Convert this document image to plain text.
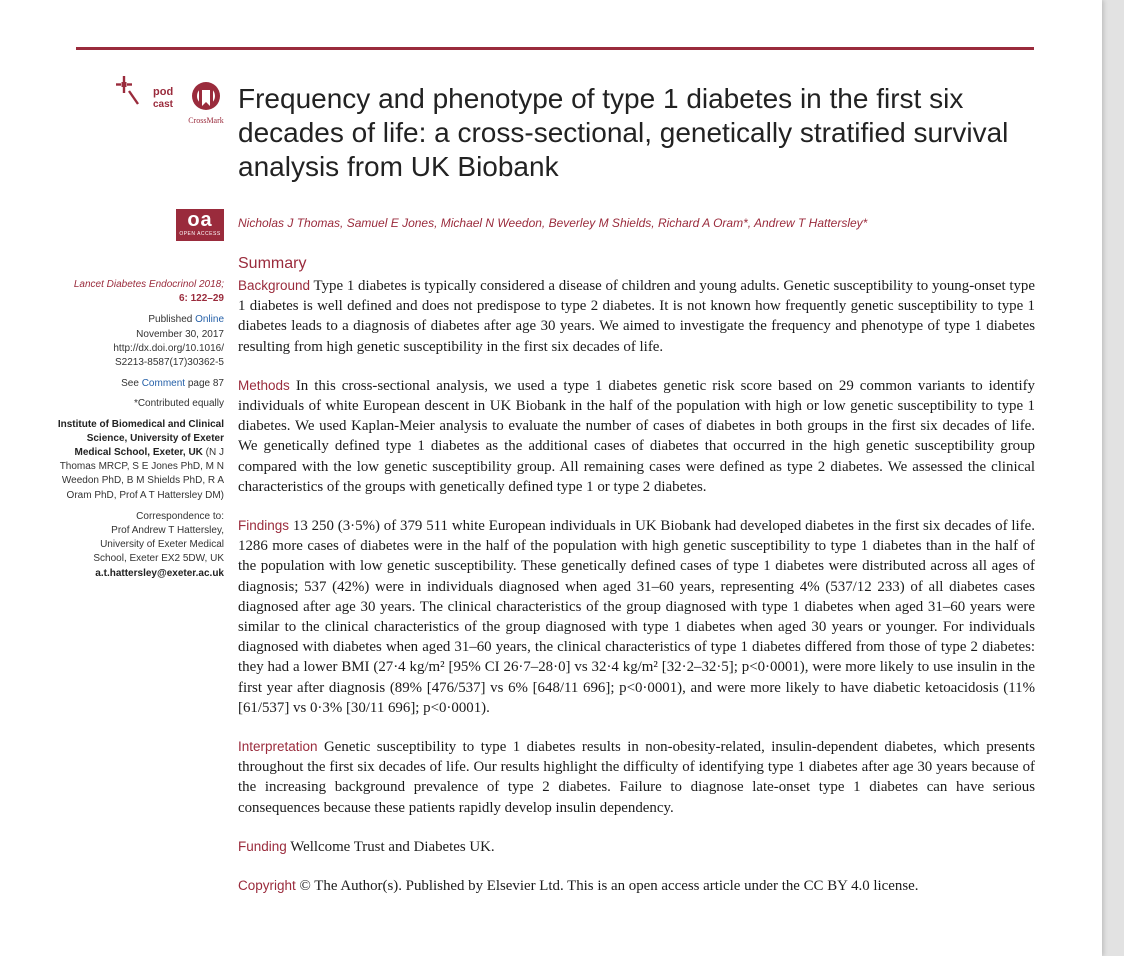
pod
cast
CrossMark
Frequency and phenotype of type 1 diabetes in the first six decades of life: a cross-sectional, genetically stratified survival analysis from UK Biobank
oa
OPEN ACCESS
Nicholas J Thomas, Samuel E Jones, Michael N Weedon, Beverley M Shields, Richard A Oram*, Andrew T Hattersley*

Lancet Diabetes Endocrinol 2018;
6: 122–29

Published Online
November 30, 2017
http://dx.doi.org/10.1016/
S2213-8587(17)30362-5

See Comment page 87

*Contributed equally

Institute of Biomedical and Clinical Science, University of Exeter Medical School, Exeter, UK (N J Thomas MRCP, S E Jones PhD, M N Weedon PhD, B M Shields PhD, R A Oram PhD, Prof A T Hattersley DM)

Correspondence to:
Prof Andrew T Hattersley,
University of Exeter Medical
School, Exeter EX2 5DW, UK
a.t.hattersley@exeter.ac.uk

Summary

Background Type 1 diabetes is typically considered a disease of children and young adults. Genetic susceptibility to young-onset type 1 diabetes is well defined and does not predispose to type 2 diabetes. It is not known how frequently genetic susceptibility to type 1 diabetes leads to a diagnosis of diabetes after age 30 years. We aimed to investigate the frequency and phenotype of type 1 diabetes resulting from high genetic susceptibility in the first six decades of life.

Methods In this cross-sectional analysis, we used a type 1 diabetes genetic risk score based on 29 common variants to identify individuals of white European descent in UK Biobank in the half of the population with high or low genetic susceptibility to type 1 diabetes. We used Kaplan-Meier analysis to evaluate the number of cases of diabetes in both groups in the first six decades of life. We genetically defined type 1 diabetes as the additional cases of diabetes that occurred in the high genetic susceptibility group compared with the low genetic susceptibility group. All remaining cases were defined as type 2 diabetes. We assessed the clinical characteristics of the groups with genetically defined type 1 or type 2 diabetes.

Findings 13 250 (3·5%) of 379 511 white European individuals in UK Biobank had developed diabetes in the first six decades of life. 1286 more cases of diabetes were in the half of the population with high genetic susceptibility to type 1 diabetes than in the half of the population with low genetic susceptibility. These genetically defined cases of type 1 diabetes were distributed across all ages of diagnosis; 537 (42%) were in individuals diagnosed when aged 31–60 years, representing 4% (537/12 233) of all diabetes cases diagnosed after age 30 years. The clinical characteristics of the group diagnosed with type 1 diabetes when aged 31–60 years were similar to the clinical characteristics of the group diagnosed with type 1 diabetes when aged 30 years or younger. For individuals diagnosed with diabetes when aged 31–60 years, the clinical characteristics of type 1 diabetes differed from those of type 2 diabetes: they had a lower BMI (27·4 kg/m² [95% CI 26·7–28·0] vs 32·4 kg/m² [32·2–32·5]; p<0·0001), were more likely to use insulin in the first year after diagnosis (89% [476/537] vs 6% [648/11 696]; p<0·0001), and were more likely to have diabetic ketoacidosis (11% [61/537] vs 0·3% [30/11 696]; p<0·0001).

Interpretation Genetic susceptibility to type 1 diabetes results in non-obesity-related, insulin-dependent diabetes, which presents throughout the first six decades of life. Our results highlight the difficulty of identifying type 1 diabetes after age 30 years because of the increasing background prevalence of type 2 diabetes. Failure to diagnose late-onset type 1 diabetes can have serious consequences because these patients rapidly develop insulin dependency.

Funding Wellcome Trust and Diabetes UK.

Copyright © The Author(s). Published by Elsevier Ltd. This is an open access article under the CC BY 4.0 license.
